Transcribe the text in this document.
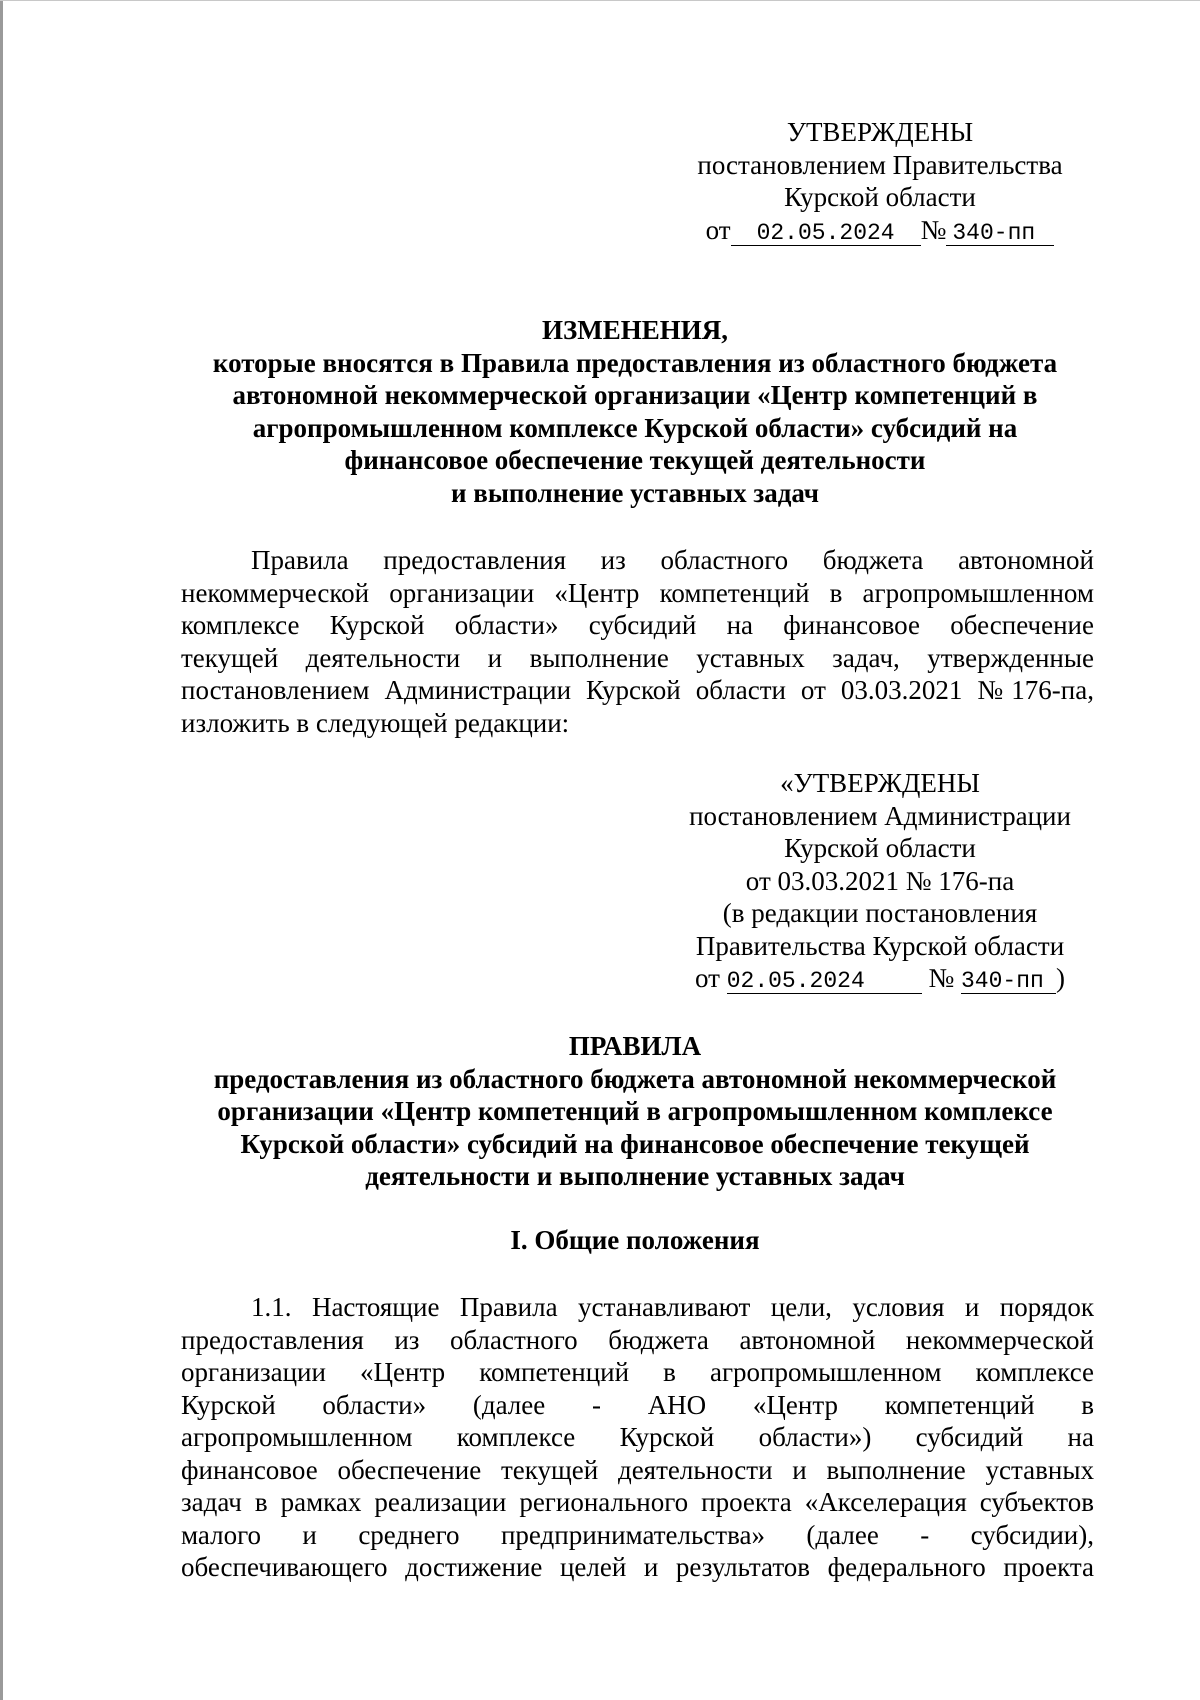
УТВЕРЖДЕНЫ
постановлением Правительства
Курской области
от 02.05.2024 № 340-пп
ИЗМЕНЕНИЯ,
которые вносятся в Правила предоставления из областного бюджета
автономной некоммерческой организации «Центр компетенций в
агропромышленном комплексе Курской области» субсидий на
финансовое обеспечение текущей деятельности
и выполнение уставных задач
Правила предоставления из областного бюджета автономной
некоммерческой организации «Центр компетенций в агропромышленном
комплексе Курской области» субсидий на финансовое обеспечение
текущей деятельности и выполнение уставных задач, утвержденные
постановлением Администрации Курской области от 03.03.2021 №176-па,
изложить в следующей редакции:
«УТВЕРЖДЕНЫ
постановлением Администрации
Курской области
от 03.03.2021 № 176-па
(в редакции постановления
Правительства Курской области
от 02.05.2024 № 340-пп )
ПРАВИЛА
предоставления из областного бюджета автономной некоммерческой
организации «Центр компетенций в агропромышленном комплексе
Курской области» субсидий на финансовое обеспечение текущей
деятельности и выполнение уставных задач
I. Общие положения
1.1. Настоящие Правила устанавливают цели, условия и порядок
предоставления из областного бюджета автономной некоммерческой
организации «Центр компетенций в агропромышленном комплексе
Курской области» (далее - АНО «Центр компетенций в
агропромышленном комплексе Курской области») субсидий на
финансовое обеспечение текущей деятельности и выполнение уставных
задач в рамках реализации регионального проекта «Акселерация субъектов
малого и среднего предпринимательства» (далее - субсидии),
обеспечивающего достижение целей и результатов федерального проекта
